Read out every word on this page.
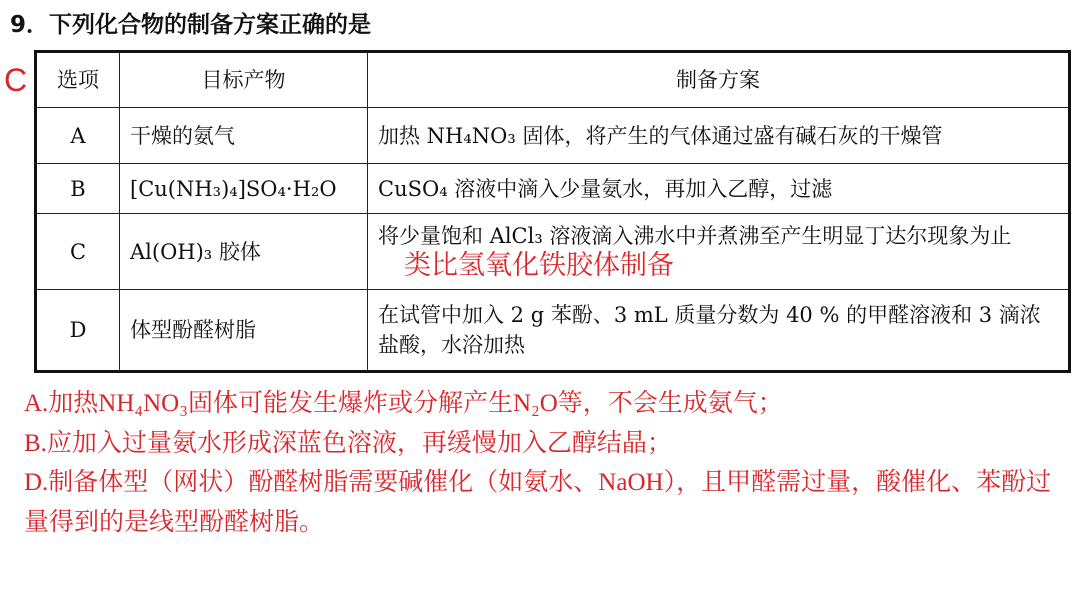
9．下列化合物的制备方案正确的是
C 选项	目标产物	制备方案
A	干燥的氨气	加热 NH₄NO₃ 固体，将产生的气体通过盛有碱石灰的干燥管
B	[Cu(NH₃)₄]SO₄·H₂O	CuSO₄ 溶液中滴入少量氨水，再加入乙醇，过滤
C	Al(OH)₃ 胶体	将少量饱和 AlCl₃ 溶液滴入沸水中并煮沸至产生明显丁达尔现象为止类比氢氧化铁胶体制备
D	体型酚醛树脂	在试管中加入 2 g 苯酚、3 mL 质量分数为 40 % 的甲醛溶液和 3 滴浓盐酸，水浴加热

A.加热NH₄NO₃固体可能发生爆炸或分解产生N₂O等，不会生成氨气；

B.应加入过量氨水形成深蓝色溶液，再缓慢加入乙醇结晶；

D.制备体型（网状）酚醛树脂需要碱催化（如氨水、NaOH），且甲醛需过量，酸催化、苯酚过量得到的是线型酚醛树脂。
